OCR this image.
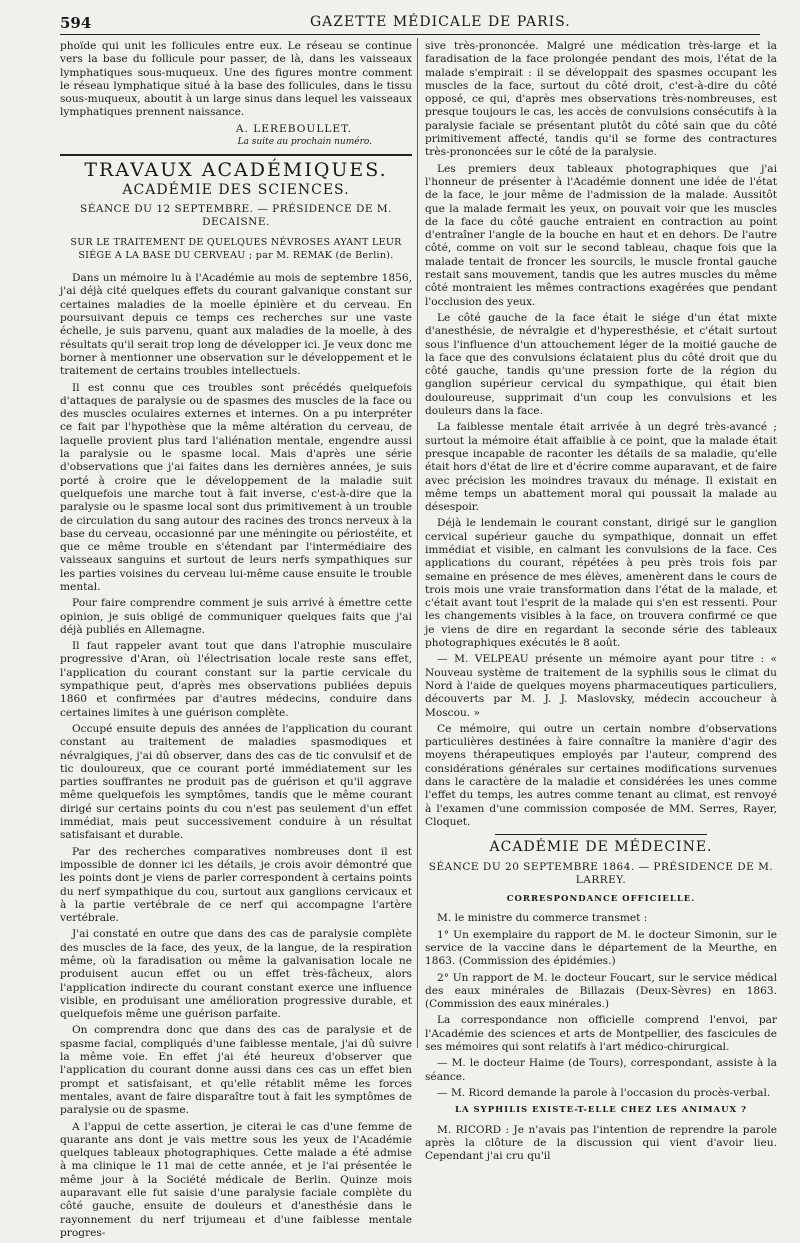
594	GAZETTE MÉDICALE DE PARIS.

phoïde qui unit les follicules entre eux. Le réseau se continue vers la base du follicule pour passer, de là, dans les vaisseaux lymphatiques sous-muqueux. Une des figures montre comment le réseau lymphatique situé à la base des follicules, dans le tissu sous-muqueux, aboutit à un large sinus dans lequel les vaisseaux lymphatiques prennent naissance.

A. LEREBOULLET.
La suite au prochain numéro.
TRAVAUX ACADÉMIQUES.
ACADÉMIE DES SCIENCES.
SÉANCE DU 12 SEPTEMBRE. — PRÉSIDENCE DE M. DECAISNE.
SUR LE TRAITEMENT DE QUELQUES NÉVROSES AYANT LEUR SIÉGE A LA BASE DU CERVEAU ; par M. REMAK (de Berlin).

Dans un mémoire lu à l'Académie au mois de septembre 1856, j'ai déjà cité quelques effets du courant galvanique constant sur certaines maladies de la moelle épinière et du cerveau. En poursuivant depuis ce temps ces recherches sur une vaste échelle, je suis parvenu, quant aux maladies de la moelle, à des résultats qu'il serait trop long de développer ici. Je veux donc me borner à mentionner une observation sur le développement et le traitement de certains troubles intellectuels.

Il est connu que ces troubles sont précédés quelquefois d'attaques de paralysie ou de spasmes des muscles de la face ou des muscles oculaires externes et internes. On a pu interpréter ce fait par l'hypothèse que la même altération du cerveau, de laquelle provient plus tard l'aliénation mentale, engendre aussi la paralysie ou le spasme local. Mais d'après une série d'observations que j'ai faites dans les dernières années, je suis porté à croire que le développement de la maladie suit quelquefois une marche tout à fait inverse, c'est-à-dire que la paralysie ou le spasme local sont dus primitivement à un trouble de circulation du sang autour des racines des troncs nerveux à la base du cerveau, occasionné par une méningite ou périostéite, et que ce même trouble en s'étendant par l'intermédiaire des vaisseaux sanguins et surtout de leurs nerfs sympathiques sur les parties voisines du cerveau lui-même cause ensuite le trouble mental.

Pour faire comprendre comment je suis arrivé à émettre cette opinion, je suis obligé de communiquer quelques faits que j'ai déjà publiés en Allemagne.

Il faut rappeler avant tout que dans l'atrophie musculaire progressive d'Aran, où l'électrisation locale reste sans effet, l'application du courant constant sur la partie cervicale du sympathique peut, d'après mes observations publiées depuis 1860 et confirmées par d'autres médecins, conduire dans certaines limites à une guérison complète.

Occupé ensuite depuis des années de l'application du courant constant au traitement de maladies spasmodiques et névralgiques, j'ai dû observer, dans des cas de tic convulsif et de tic douloureux, que ce courant porté immédiatement sur les parties souffrantes ne produit pas de guérison et qu'il aggrave même quelquefois les symptômes, tandis que le même courant dirigé sur certains points du cou n'est pas seulement d'un effet immédiat, mais peut successivement conduire à un résultat satisfaisant et durable.

Par des recherches comparatives nombreuses dont il est impossible de donner ici les détails, je crois avoir démontré que les points dont je viens de parler correspondent à certains points du nerf sympathique du cou, surtout aux ganglions cervicaux et à la partie vertébrale de ce nerf qui accompagne l'artère vertébrale.

J'ai constaté en outre que dans des cas de paralysie complète des muscles de la face, des yeux, de la langue, de la respiration même, où la faradisation ou même la galvanisation locale ne produisent aucun effet ou un effet très-fâcheux, alors l'application indirecte du courant constant exerce une influence visible, en produisant une amélioration progressive durable, et quelquefois même une guérison parfaite.

On comprendra donc que dans des cas de paralysie et de spasme facial, compliqués d'une faiblesse mentale, j'ai dû suivre la même voie. En effet j'ai été heureux d'observer que l'application du courant donne aussi dans ces cas un effet bien prompt et satisfaisant, et qu'elle rétablit même les forces mentales, avant de faire disparaître tout à fait les symptômes de paralysie ou de spasme.

A l'appui de cette assertion, je citerai le cas d'une femme de quarante ans dont je vais mettre sous les yeux de l'Académie quelques tableaux photographiques. Cette malade a été admise à ma clinique le 11 mai de cette année, et je l'ai présentée le même jour à la Société médicale de Berlin. Quinze mois auparavant elle fut saisie d'une paralysie faciale complète du côté gauche, ensuite de douleurs et d'anesthésie dans le rayonnement du nerf trijumeau et d'une faiblesse mentale progres-

sive très-prononcée. Malgré une médication très-large et la faradisation de la face prolongée pendant des mois, l'état de la malade s'empirait : il se développait des spasmes occupant les muscles de la face, surtout du côté droit, c'est-à-dire du côté opposé, ce qui, d'après mes observations très-nombreuses, est presque toujours le cas, les accès de convulsions consécutifs à la paralysie faciale se présentant plutôt du côté sain que du côté primitivement affecté, tandis qu'il se forme des contractures très-prononcées sur le côté de la paralysie.

Les premiers deux tableaux photographiques que j'ai l'honneur de présenter à l'Académie donnent une idée de l'état de la face, le jour même de l'admission de la malade. Aussitôt que la malade fermait les yeux, on pouvait voir que les muscles de la face du côté gauche entraient en contraction au point d'entraîner l'angle de la bouche en haut et en dehors. De l'autre côté, comme on voit sur le second tableau, chaque fois que la malade tentait de froncer les sourcils, le muscle frontal gauche restait sans mouvement, tandis que les autres muscles du même côté montraient les mêmes contractions exagérées que pendant l'occlusion des yeux.

Le côté gauche de la face était le siége d'un état mixte d'anesthésie, de névralgie et d'hyperesthésie, et c'était surtout sous l'influence d'un attouchement léger de la moitié gauche de la face que des convulsions éclataient plus du côté droit que du côté gauche, tandis qu'une pression forte de la région du ganglion supérieur cervical du sympathique, qui était bien douloureuse, supprimait d'un coup les convulsions et les douleurs dans la face.

La faiblesse mentale était arrivée à un degré très-avancé ; surtout la mémoire était affaiblie à ce point, que la malade était presque incapable de raconter les détails de sa maladie, qu'elle était hors d'état de lire et d'écrire comme auparavant, et de faire avec précision les moindres travaux du ménage. Il existait en même temps un abattement moral qui poussait la malade au désespoir.

Déjà le lendemain le courant constant, dirigé sur le ganglion cervical supérieur gauche du sympathique, donnait un effet immédiat et visible, en calmant les convulsions de la face. Ces applications du courant, répétées à peu près trois fois par semaine en présence de mes élèves, amenèrent dans le cours de trois mois une vraie transformation dans l'état de la malade, et c'était avant tout l'esprit de la malade qui s'en est ressenti. Pour les changements visibles à la face, on trouvera confirmé ce que je viens de dire en regardant la seconde série des tableaux photographiques exécutés le 8 août.

— M. VELPEAU présente un mémoire ayant pour titre : « Nouveau système de traitement de la syphilis sous le climat du Nord à l'aide de quelques moyens pharmaceutiques particuliers, découverts par M. J. J. Maslovsky, médecin accoucheur à Moscou. »

Ce mémoire, qui outre un certain nombre d'observations particulières destinées à faire connaître la manière d'agir des moyens thérapeutiques employés par l'auteur, comprend des considérations générales sur certaines modifications survenues dans le caractère de la maladie et considérées les unes comme l'effet du temps, les autres comme tenant au climat, est renvoyé à l'examen d'une commission composée de MM. Serres, Rayer, Cloquet.

ACADÉMIE DE MÉDECINE.
SÉANCE DU 20 SEPTEMBRE 1864. — PRÉSIDENCE DE M. LARREY.
CORRESPONDANCE OFFICIELLE.

M. le ministre du commerce transmet :

1° Un exemplaire du rapport de M. le docteur Simonin, sur le service de la vaccine dans le département de la Meurthe, en 1863. (Commission des épidémies.)

2° Un rapport de M. le docteur Foucart, sur le service médical des eaux minérales de Billazais (Deux-Sèvres) en 1863. (Commission des eaux minérales.)

La correspondance non officielle comprend l'envoi, par l'Académie des sciences et arts de Montpellier, des fascicules de ses mémoires qui sont relatifs à l'art médico-chirurgical.

— M. le docteur Haime (de Tours), correspondant, assiste à la séance.

— M. Ricord demande la parole à l'occasion du procès-verbal.

LA SYPHILIS EXISTE-T-ELLE CHEZ LES ANIMAUX ?

M. RICORD : Je n'avais pas l'intention de reprendre la parole après la clôture de la discussion qui vient d'avoir lieu. Cependant j'ai cru qu'il
